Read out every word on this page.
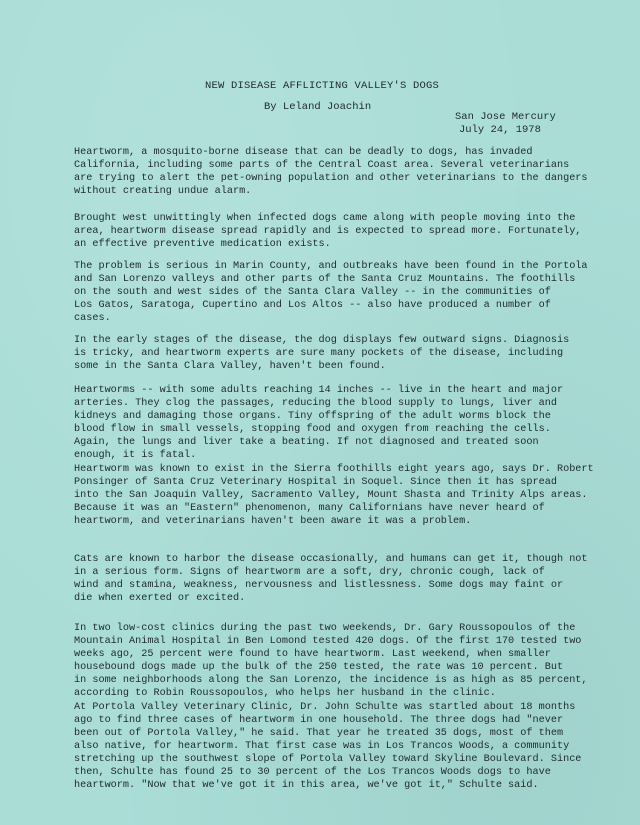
NEW DISEASE AFFLICTING VALLEY'S DOGS
By Leland Joachin
San Jose Mercury
July 24, 1978
Heartworm, a mosquito-borne disease that can be deadly to dogs, has invaded
California, including some parts of the Central Coast area. Several veterinarians
are trying to alert the pet-owning population and other veterinarians to the dangers
without creating undue alarm.
Brought west unwittingly when infected dogs came along with people moving into the
area, heartworm disease spread rapidly and is expected to spread more. Fortunately,
an effective preventive medication exists.
The problem is serious in Marin County, and outbreaks have been found in the Portola
and San Lorenzo valleys and other parts of the Santa Cruz Mountains. The foothills
on the south and west sides of the Santa Clara Valley -- in the communities of
Los Gatos, Saratoga, Cupertino and Los Altos -- also have produced a number of
cases.
In the early stages of the disease, the dog displays few outward signs. Diagnosis
is tricky, and heartworm experts are sure many pockets of the disease, including
some in the Santa Clara Valley, haven't been found.
Heartworms -- with some adults reaching 14 inches -- live in the heart and major
arteries. They clog the passages, reducing the blood supply to lungs, liver and
kidneys and damaging those organs. Tiny offspring of the adult worms block the
blood flow in small vessels, stopping food and oxygen from reaching the cells.
Again, the lungs and liver take a beating. If not diagnosed and treated soon
enough, it is fatal.
Heartworm was known to exist in the Sierra foothills eight years ago, says Dr. Robert
Ponsinger of Santa Cruz Veterinary Hospital in Soquel. Since then it has spread
into the San Joaquin Valley, Sacramento Valley, Mount Shasta and Trinity Alps areas.
Because it was an "Eastern" phenomenon, many Californians have never heard of
heartworm, and veterinarians haven't been aware it was a problem.
Cats are known to harbor the disease occasionally, and humans can get it, though not
in a serious form. Signs of heartworm are a soft, dry, chronic cough, lack of
wind and stamina, weakness, nervousness and listlessness. Some dogs may faint or
die when exerted or excited.
In two low-cost clinics during the past two weekends, Dr. Gary Roussopoulos of the
Mountain Animal Hospital in Ben Lomond tested 420 dogs. Of the first 170 tested two
weeks ago, 25 percent were found to have heartworm. Last weekend, when smaller
housebound dogs made up the bulk of the 250 tested, the rate was 10 percent. But
in some neighborhoods along the San Lorenzo, the incidence is as high as 85 percent,
according to Robin Roussopoulos, who helps her husband in the clinic.
At Portola Valley Veterinary Clinic, Dr. John Schulte was startled about 18 months
ago to find three cases of heartworm in one household. The three dogs had "never
been out of Portola Valley," he said. That year he treated 35 dogs, most of them
also native, for heartworm. That first case was in Los Trancos Woods, a community
stretching up the southwest slope of Portola Valley toward Skyline Boulevard. Since
then, Schulte has found 25 to 30 percent of the Los Trancos Woods dogs to have
heartworm. "Now that we've got it in this area, we've got it," Schulte said.
